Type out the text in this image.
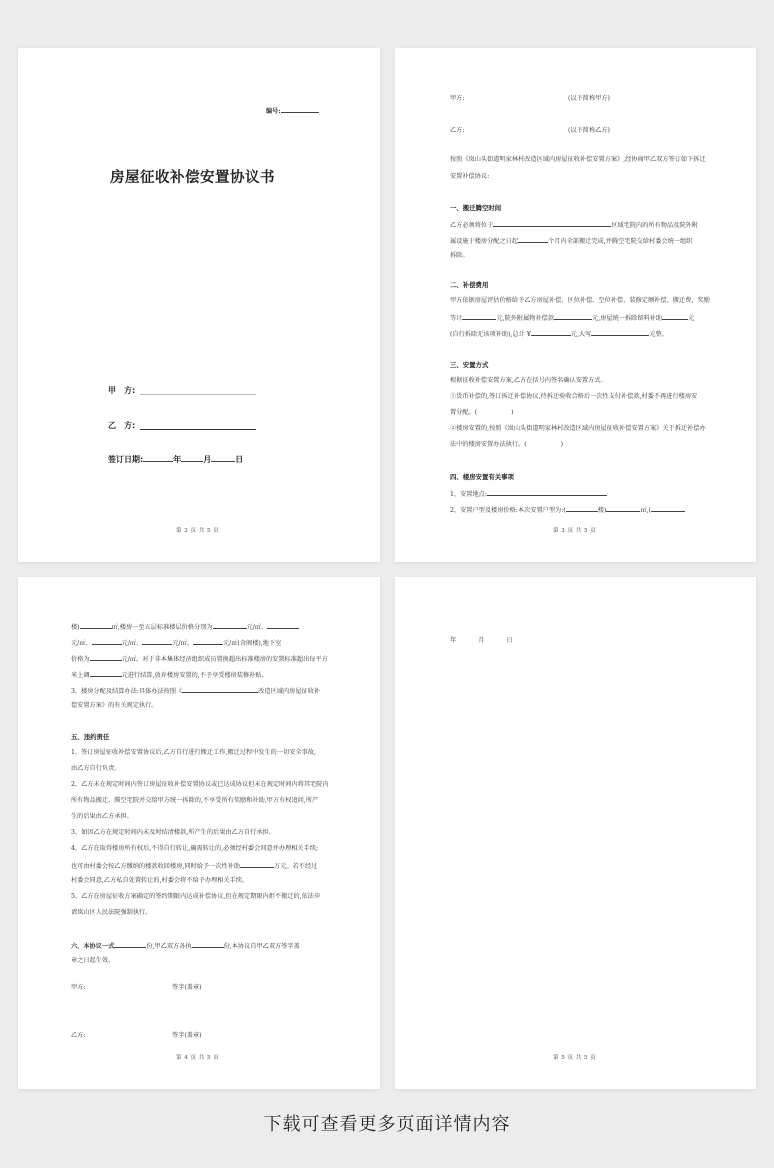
编号:
房屋征收补偿安置协议书
甲　方:
乙　方:
签订日期:	年	月	日
第 2 页 共 5 页
甲方:	(以下简称甲方)
乙方:	(以下简称乙方)
按照《岚山头街道明家林村改造区域内房屋征收补偿安置方案》,经协商甲乙双方签订如下拆迁
安置补偿协议:
一、搬迁腾空时间
乙方必须将位于	区域宅院内的所有物品及院外附
属设施于楼房分配之日起	个月内全部搬迁完成,并腾空宅院交给村委会统一组织
拆除。
二、补偿费用
甲方依据房屋评估价格给予乙方房屋补偿、区位补偿、空位补偿、装修定额补偿、搬迁费、奖励
等计	元,院外附属物补偿款	元,房屋统一拆除留料补助	元
(自行拆除无该项补助),总计 ¥	元,大写	元整。
三、安置方式
根据征收补偿安置方案,乙方在括号内签名确认安置方式。
①货币补偿的,签订拆迁补偿协议,待拆迁验收合格后一次性支付补偿款,村委不再进行楼房安
置分配。(	)
②楼房安置的,按照《岚山头街道明家林村改造区域内房屋征收补偿安置方案》关于拆迁补偿办
法中的楼房安置办法执行。(	)
四、楼房安置有关事项
1、安置地点:
2、安置户型及楼房价格:本次安置户型为:(	楼)	㎡,(
第 3 页 共 5 页
楼)	㎡,楼房一至五层标准楼层价格分别为	元/㎡、
元/㎡、	元/㎡、	元/㎡、	元/㎡(含阁楼),地下室
价格为	元/㎡。对于非本集体经济组织成员置换超出标准楼房的安置标准超出每平方
米上调	元进行结算,放弃楼房安置的,不予享受楼房装修补贴。
3、楼房分配及结算办法:具体办法按照《	改造区域内房屋征收补
偿安置方案》的有关规定执行。
五、违约责任
1、签订房屋征收补偿安置协议后,乙方自行进行搬迁工作,搬迁过程中发生的一切安全事故,
由乙方自行负责。
2、乙方未在规定时间内签订房屋征收补偿安置协议或已达成协议但未在规定时间内将其宅院内
所有物品搬迁、腾空宅院并交给甲方统一拆除的,不享受所有奖励和补助,甲方有权追问,所产
生的后果由乙方承担。
3、如因乙方在规定时间内未及时结清楼款,所产生的后果由乙方自行承担。
4、乙方在取得楼房所有权后,不得自行转让,确需转让的,必须经村委会同意并办理相关手续;
也可由村委会按乙方缴纳的楼款收回楼房,同时给予一次性补助	万元。若不经过
村委会同意,乙方私自处置转让的,村委会将不给予办理相关手续。
5、乙方在房屋征收方案确定的签约期限内达成补偿协议,但在规定期限内拒不搬迁的,依法申
请岚山区人民法院强制执行。
六、本协议一式	份,甲乙双方各执	份,本协议自甲乙双方签字盖
章之日起生效。
甲方:	签字(盖章)
乙方:	签字(盖章)
第 4 页 共 5 页
年	月	日
第 5 页 共 5 页
下载可查看更多页面详情内容
